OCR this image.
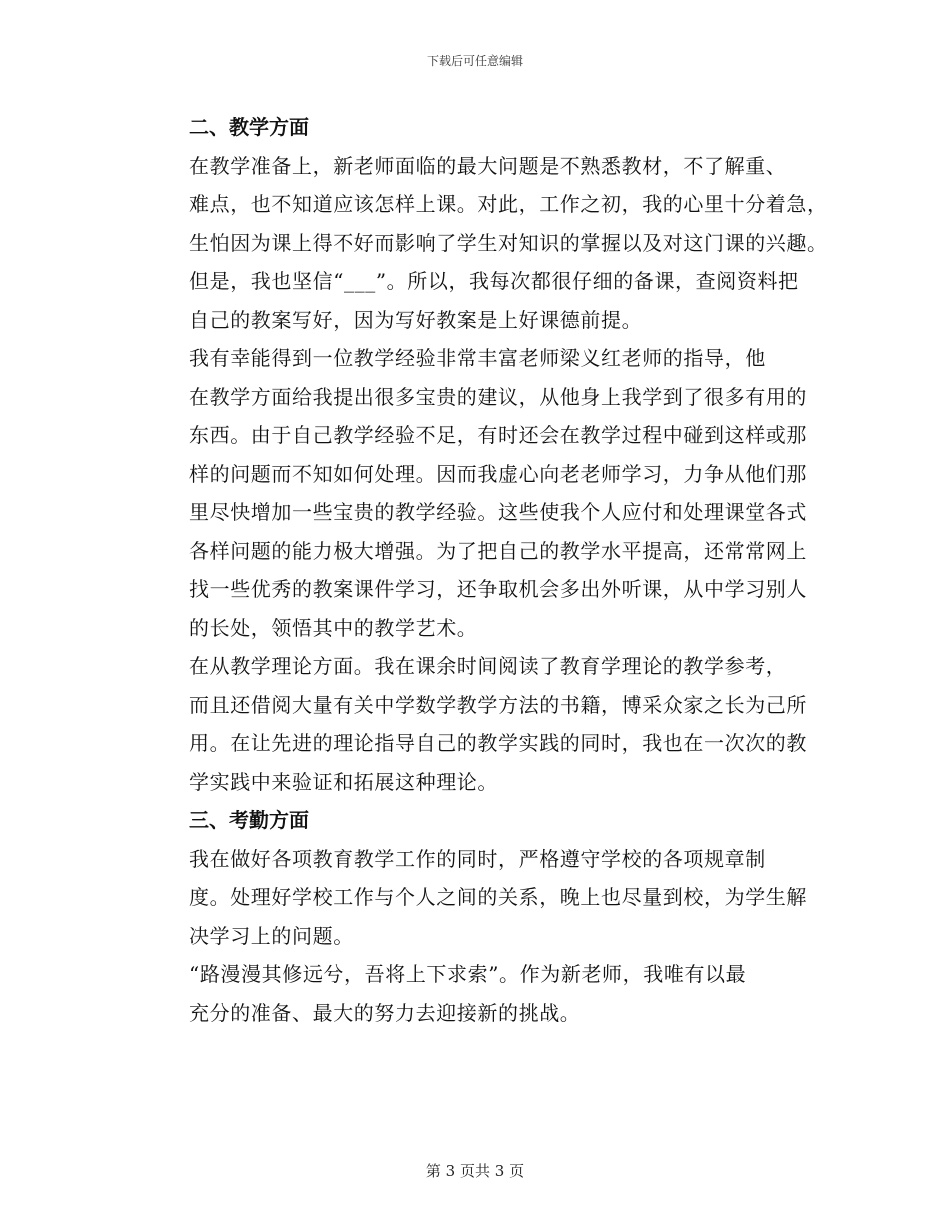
下载后可任意编辑

二、教学方面

在教学准备上，新老师面临的最大问题是不熟悉教材，不了解重、
难点，也不知道应该怎样上课。对此，工作之初，我的心里十分着急，
生怕因为课上得不好而影响了学生对知识的掌握以及对这门课的兴趣。
但是，我也坚信“___”。所以，我每次都很仔细的备课，查阅资料把
自己的教案写好，因为写好教案是上好课德前提。

我有幸能得到一位教学经验非常丰富老师梁义红老师的指导，他
在教学方面给我提出很多宝贵的建议，从他身上我学到了很多有用的
东西。由于自己教学经验不足，有时还会在教学过程中碰到这样或那
样的问题而不知如何处理。因而我虚心向老老师学习，力争从他们那
里尽快增加一些宝贵的教学经验。这些使我个人应付和处理课堂各式
各样问题的能力极大增强。为了把自己的教学水平提高，还常常网上
找一些优秀的教案课件学习，还争取机会多出外听课，从中学习别人
的长处，领悟其中的教学艺术。

在从教学理论方面。我在课余时间阅读了教育学理论的教学参考，
而且还借阅大量有关中学数学教学方法的书籍，博采众家之长为己所
用。在让先进的理论指导自己的教学实践的同时，我也在一次次的教
学实践中来验证和拓展这种理论。

三、考勤方面

我在做好各项教育教学工作的同时，严格遵守学校的各项规章制
度。处理好学校工作与个人之间的关系，晚上也尽量到校，为学生解
决学习上的问题。

“路漫漫其修远兮，吾将上下求索”。作为新老师，我唯有以最
充分的准备、最大的努力去迎接新的挑战。

第 3 页共 3 页
